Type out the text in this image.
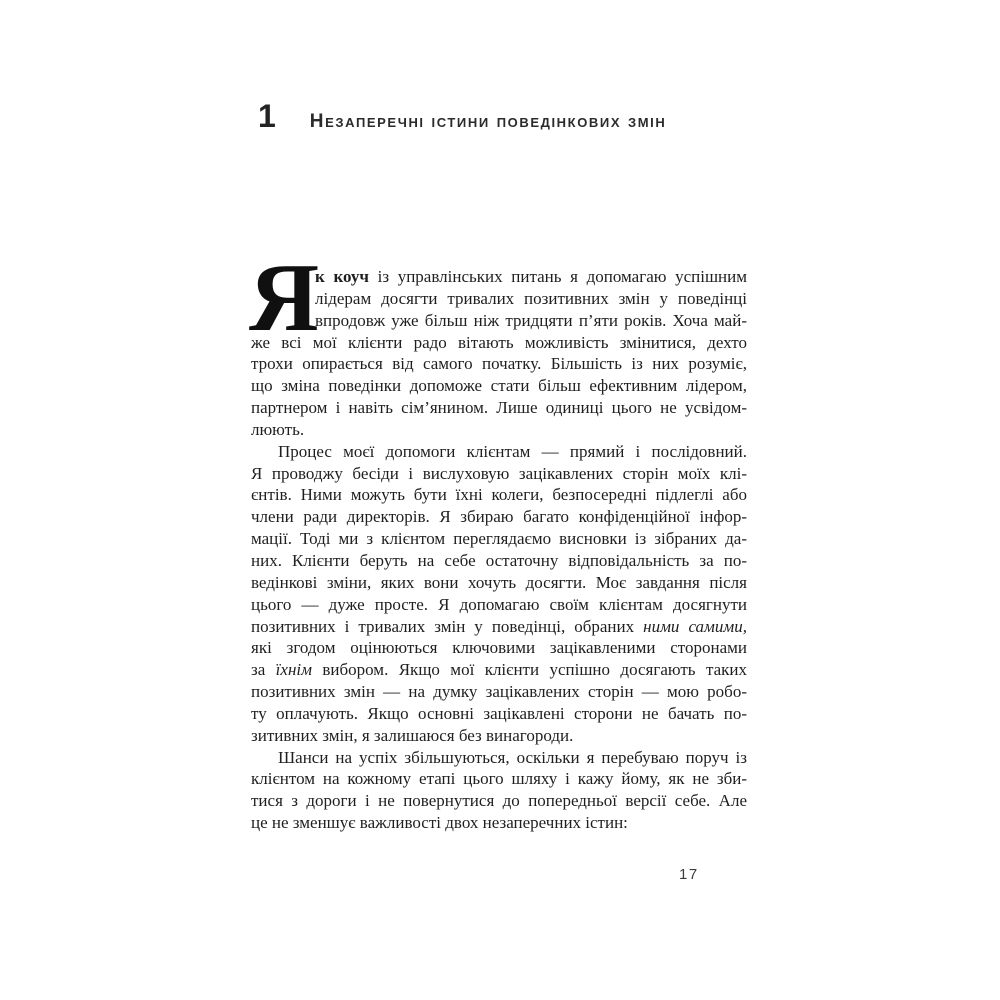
1 Незаперечні істини поведінкових змін
Я
к коуч із управлінських питань я допомагаю успішним
лідерам досягти тривалих позитивних змін у поведінці
впродовж уже більш ніж тридцяти п’яти років. Хоча май-
же всі мої клієнти радо вітають можливість змінитися, дехто
трохи опирається від самого початку. Більшість із них розуміє,
що зміна поведінки допоможе стати більш ефективним лідером,
партнером і навіть сім’янином. Лише одиниці цього не усвідом-
люють.
Процес моєї допомоги клієнтам — прямий і послідовний.
Я проводжу бесіди і вислуховую зацікавлених сторін моїх клі-
єнтів. Ними можуть бути їхні колеги, безпосередні підлеглі або
члени ради директорів. Я збираю багато конфіденційної інфор-
мації. Тоді ми з клієнтом переглядаємо висновки із зібраних да-
них. Клієнти беруть на себе остаточну відповідальність за по-
ведінкові зміни, яких вони хочуть досягти. Моє завдання після
цього — дуже просте. Я допомагаю своїм клієнтам досягнути
позитивних і тривалих змін у поведінці, обраних ними самими,
які згодом оцінюються ключовими зацікавленими сторонами
за їхнім вибором. Якщо мої клієнти успішно досягають таких
позитивних змін — на думку зацікавлених сторін — мою робо-
ту оплачують. Якщо основні зацікавлені сторони не бачать по-
зитивних змін, я залишаюся без винагороди.
Шанси на успіх збільшуються, оскільки я перебуваю поруч із
клієнтом на кожному етапі цього шляху і кажу йому, як не зби-
тися з дороги і не повернутися до попередньої версії себе. Але
це не зменшує важливості двох незаперечних істин:
17
